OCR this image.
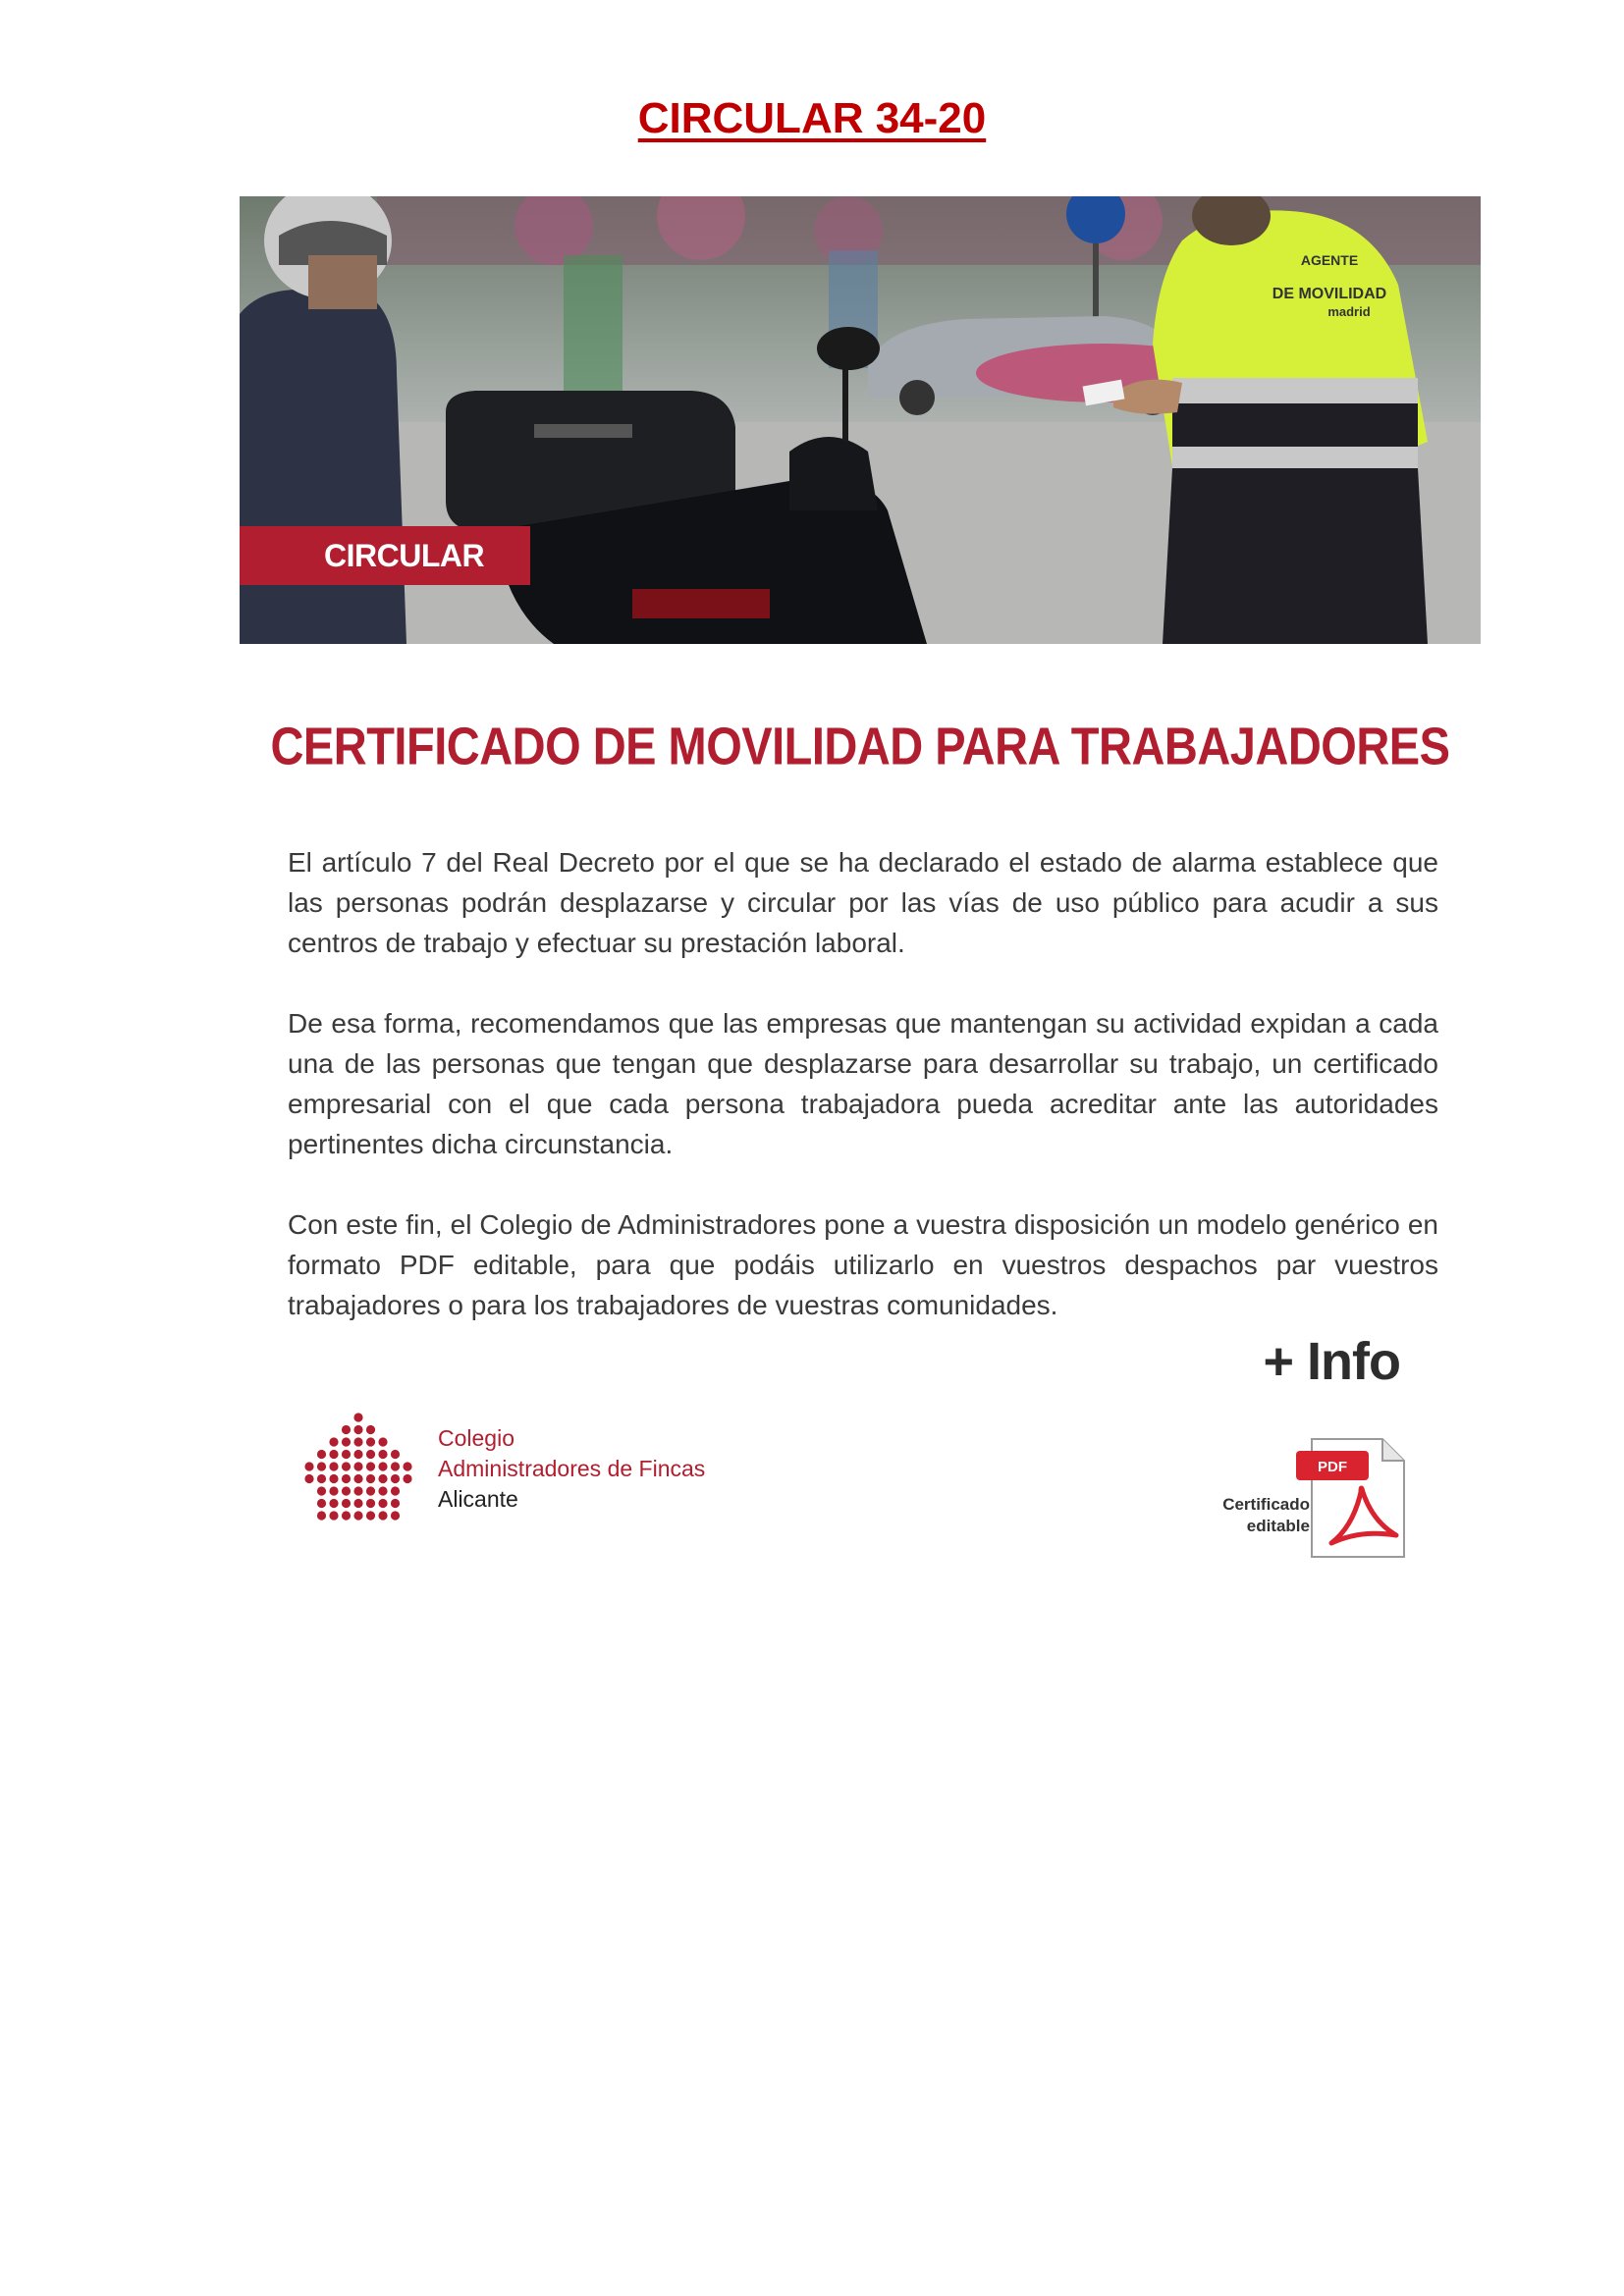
CIRCULAR 34-20
AGENTE
DE MOVILIDAD
madrid
CIRCULAR
CERTIFICADO DE MOVILIDAD PARA TRABAJADORES

El artículo 7 del Real Decreto por el que se ha declarado el estado de alarma establece que las personas podrán desplazarse y circular por las vías de uso público para acudir a sus centros de trabajo y efectuar su prestación laboral.

De esa forma, recomendamos que las empresas que mantengan su actividad expidan a cada una de las personas que tengan que desplazarse para desarrollar su trabajo, un certificado empresarial con el que cada persona trabajadora pueda acreditar ante las autoridades pertinentes dicha circunstancia.

Con este fin, el Colegio de Administradores pone a vuestra disposición un modelo genérico en formato PDF editable, para que podáis utilizarlo en vuestros despachos par vuestros trabajadores o para los trabajadores de vuestras comunidades.

+ Info
Colegio
Administradores de Fincas
Alicante	Certificado
editable
PDF
